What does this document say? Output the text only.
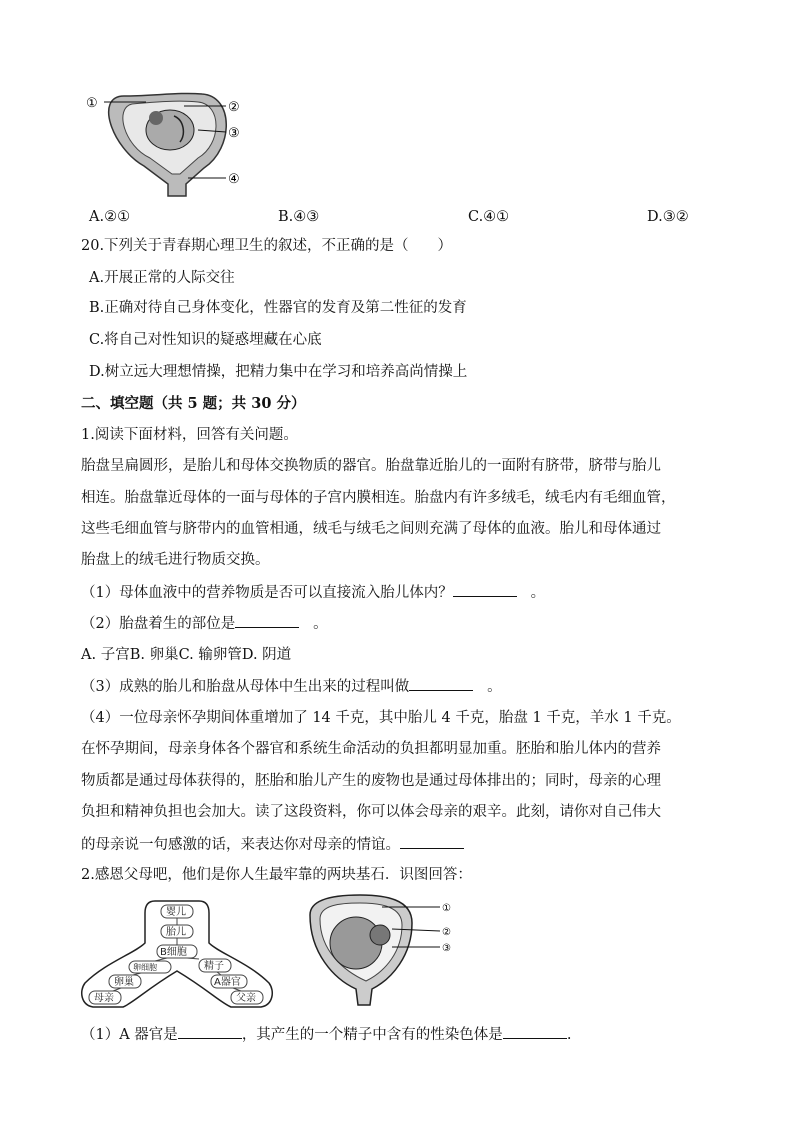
①	②
③
④
A.②①	B.④③	C.④①	D.③②
20.下列关于青春期心理卫生的叙述，不正确的是（　　）
A.开展正常的人际交往
B.正确对待自己身体变化，性器官的发育及第二性征的发育
C.将自己对性知识的疑惑埋藏在心底
D.树立远大理想情操，把精力集中在学习和培养高尚情操上
二、填空题（共 5 题；共 30 分）
1.阅读下面材料，回答有关问题。
胎盘呈扁圆形，是胎儿和母体交换物质的器官。胎盘靠近胎儿的一面附有脐带，脐带与胎儿
相连。胎盘靠近母体的一面与母体的子宫内膜相连。胎盘内有许多绒毛，绒毛内有毛细血管，
这些毛细血管与脐带内的血管相通，绒毛与绒毛之间则充满了母体的血液。胎儿和母体通过
胎盘上的绒毛进行物质交换。
（1）母体血液中的营养物质是否可以直接流入胎儿体内？	。
（2）胎盘着生的部位是	。
A. 子宫B. 卵巢C. 输卵管D. 阴道
（3）成熟的胎儿和胎盘从母体中生出来的过程叫做	。
（4）一位母亲怀孕期间体重增加了 14 千克，其中胎儿 4 千克，胎盘 1 千克，羊水 1 千克。
在怀孕期间，母亲身体各个器官和系统生命活动的负担都明显加重。胚胎和胎儿体内的营养
物质都是通过母体获得的，胚胎和胎儿产生的废物也是通过母体排出的；同时，母亲的心理
负担和精神负担也会加大。读了这段资料，你可以体会母亲的艰辛。此刻，请你对自己伟大
的母亲说一句感激的话，来表达你对母亲的情谊。
2.感恩父母吧，他们是你人生最牢靠的两块基石．识图回答：
婴儿
胎儿
B细胞
卵细胞	精子
卵巢	A器官
母亲	父亲
①
②
③
（1）A 器官是	，其产生的一个精子中含有的性染色体是	.
